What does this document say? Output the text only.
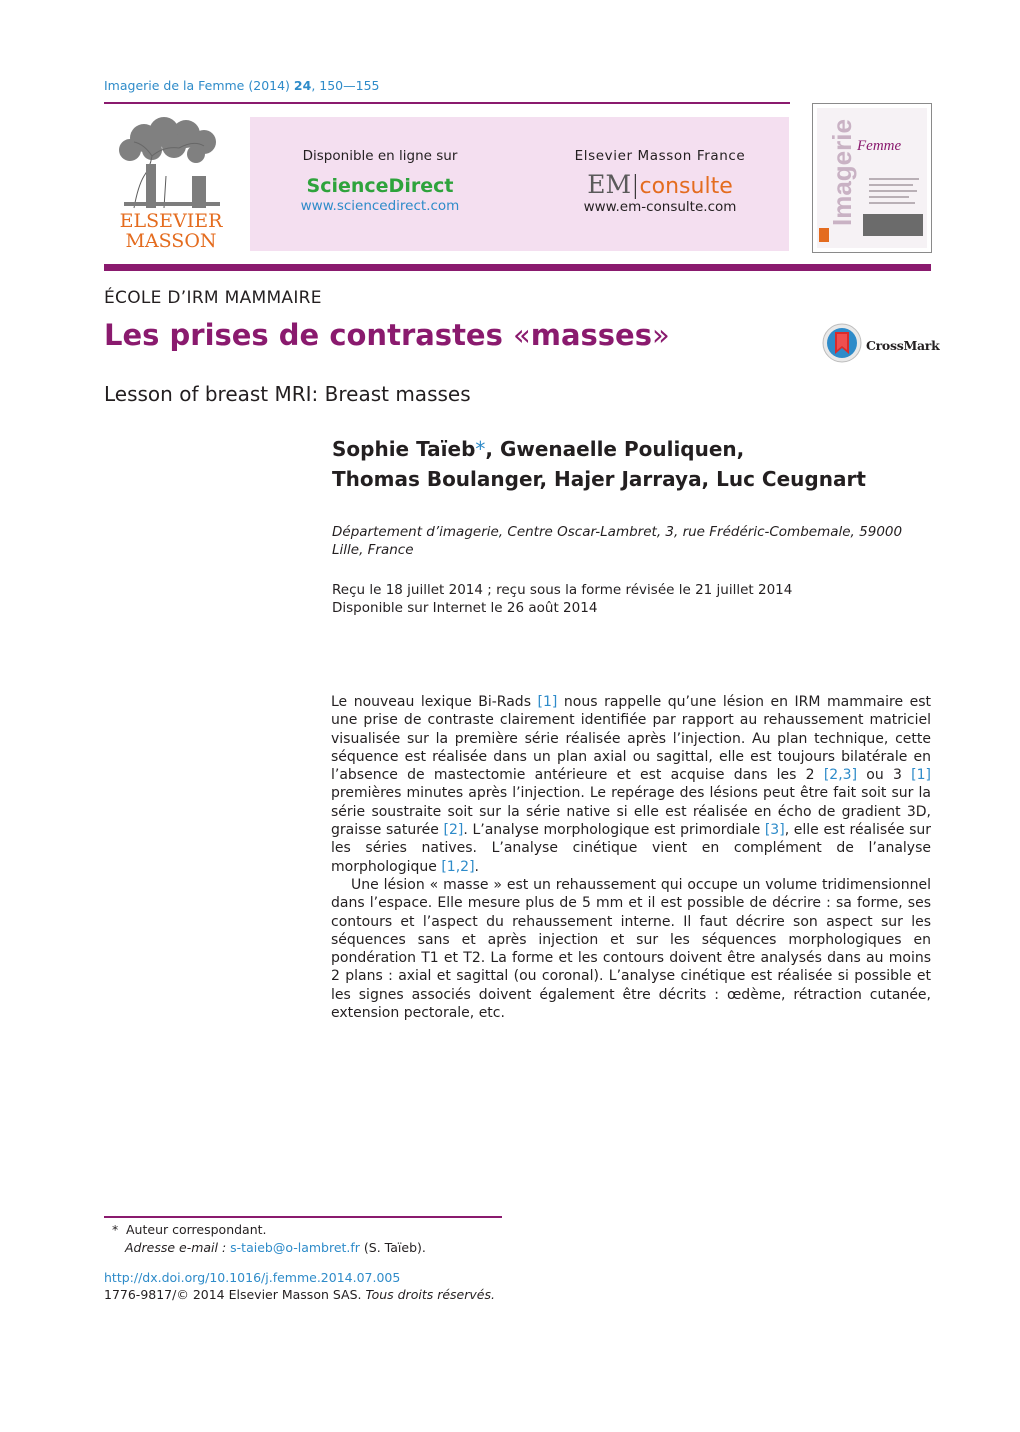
Imagerie de la Femme (2014) 24, 150—155
ELSEVIER
MASSON
Disponible en ligne sur
ScienceDirect
www.sciencedirect.com
Elsevier Masson France
EM|consulte
www.em-consulte.com	Imagerie Femme
ÉCOLE D’IRM MAMMAIRE
Les prises de contrastes «masses»	CrossMark
Lesson of breast MRI: Breast masses
Sophie Taïeb*, Gwenaelle Pouliquen,
Thomas Boulanger, Hajer Jarraya, Luc Ceugnart
Département d’imagerie, Centre Oscar-Lambret, 3, rue Frédéric-Combemale, 59000 Lille, France
Reçu le 18 juillet 2014 ; reçu sous la forme révisée le 21 juillet 2014
Disponible sur Internet le 26 août 2014

Le nouveau lexique Bi-Rads [1] nous rappelle qu’une lésion en IRM mammaire est une prise de contraste clairement identifiée par rapport au rehaussement matriciel visualisée sur la première série réalisée après l’injection. Au plan technique, cette séquence est réalisée dans un plan axial ou sagittal, elle est toujours bilatérale en l’absence de mastectomie antérieure et est acquise dans les 2 [2,3] ou 3 [1] premières minutes après l’injection. Le repérage des lésions peut être fait soit sur la série soustraite soit sur la série native si elle est réalisée en écho de gradient 3D, graisse saturée [2]. L’analyse morphologique est primordiale [3], elle est réalisée sur les séries natives. L’analyse cinétique vient en complément de l’analyse morphologique [1,2].

Une lésion « masse » est un rehaussement qui occupe un volume tridimensionnel dans l’espace. Elle mesure plus de 5 mm et il est possible de décrire : sa forme, ses contours et l’aspect du rehaussement interne. Il faut décrire son aspect sur les séquences sans et après injection et sur les séquences morphologiques en pondération T1 et T2. La forme et les contours doivent être analysés dans au moins 2 plans : axial et sagittal (ou coronal). L’analyse cinétique est réalisée si possible et les signes associés doivent également être décrits : œdème, rétraction cutanée, extension pectorale, etc.

* Auteur correspondant.
Adresse e-mail : s-taieb@o-lambret.fr (S. Taïeb).
http://dx.doi.org/10.1016/j.femme.2014.07.005
1776-9817/© 2014 Elsevier Masson SAS. Tous droits réservés.
